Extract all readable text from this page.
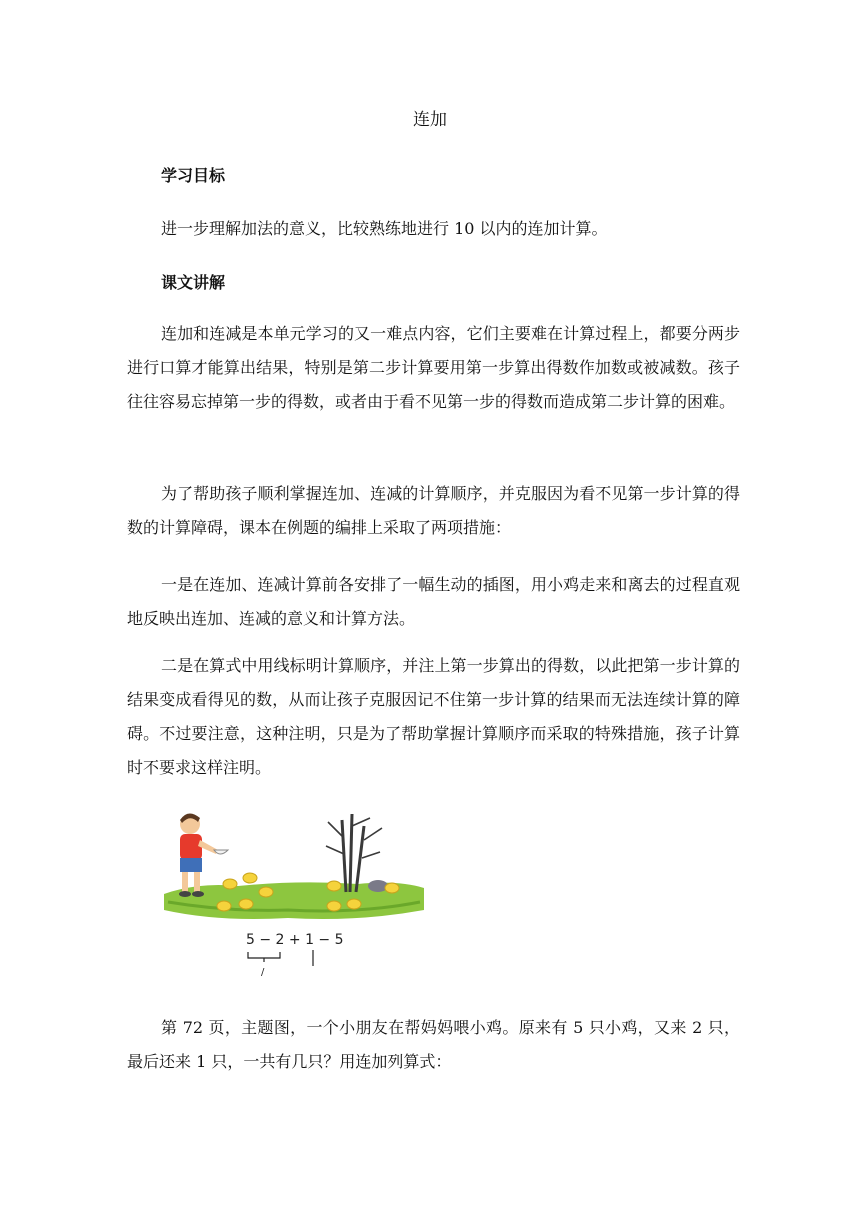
连加
学习目标

进一步理解加法的意义，比较熟练地进行 10 以内的连加计算。

课文讲解

连加和连减是本单元学习的又一难点内容，它们主要难在计算过程上，都要分两步进行口算才能算出结果，特别是第二步计算要用第一步算出得数作加数或被减数。孩子往往容易忘掉第一步的得数，或者由于看不见第一步的得数而造成第二步计算的困难。

为了帮助孩子顺利掌握连加、连减的计算顺序，并克服因为看不见第一步计算的得数的计算障碍，课本在例题的编排上采取了两项措施：

一是在连加、连减计算前各安排了一幅生动的插图，用小鸡走来和离去的过程直观地反映出连加、连减的意义和计算方法。

二是在算式中用线标明计算顺序，并注上第一步算出的得数，以此把第一步计算的结果变成看得见的数，从而让孩子克服因记不住第一步计算的结果而无法连续计算的障碍。不过要注意，这种注明，只是为了帮助掌握计算顺序而采取的特殊措施，孩子计算时不要求这样注明。

5 − 2 + 1 − 5
/

第 72 页，主题图，一个小朋友在帮妈妈喂小鸡。原来有 5 只小鸡，又来 2 只，最后还来 1 只，一共有几只？用连加列算式：
